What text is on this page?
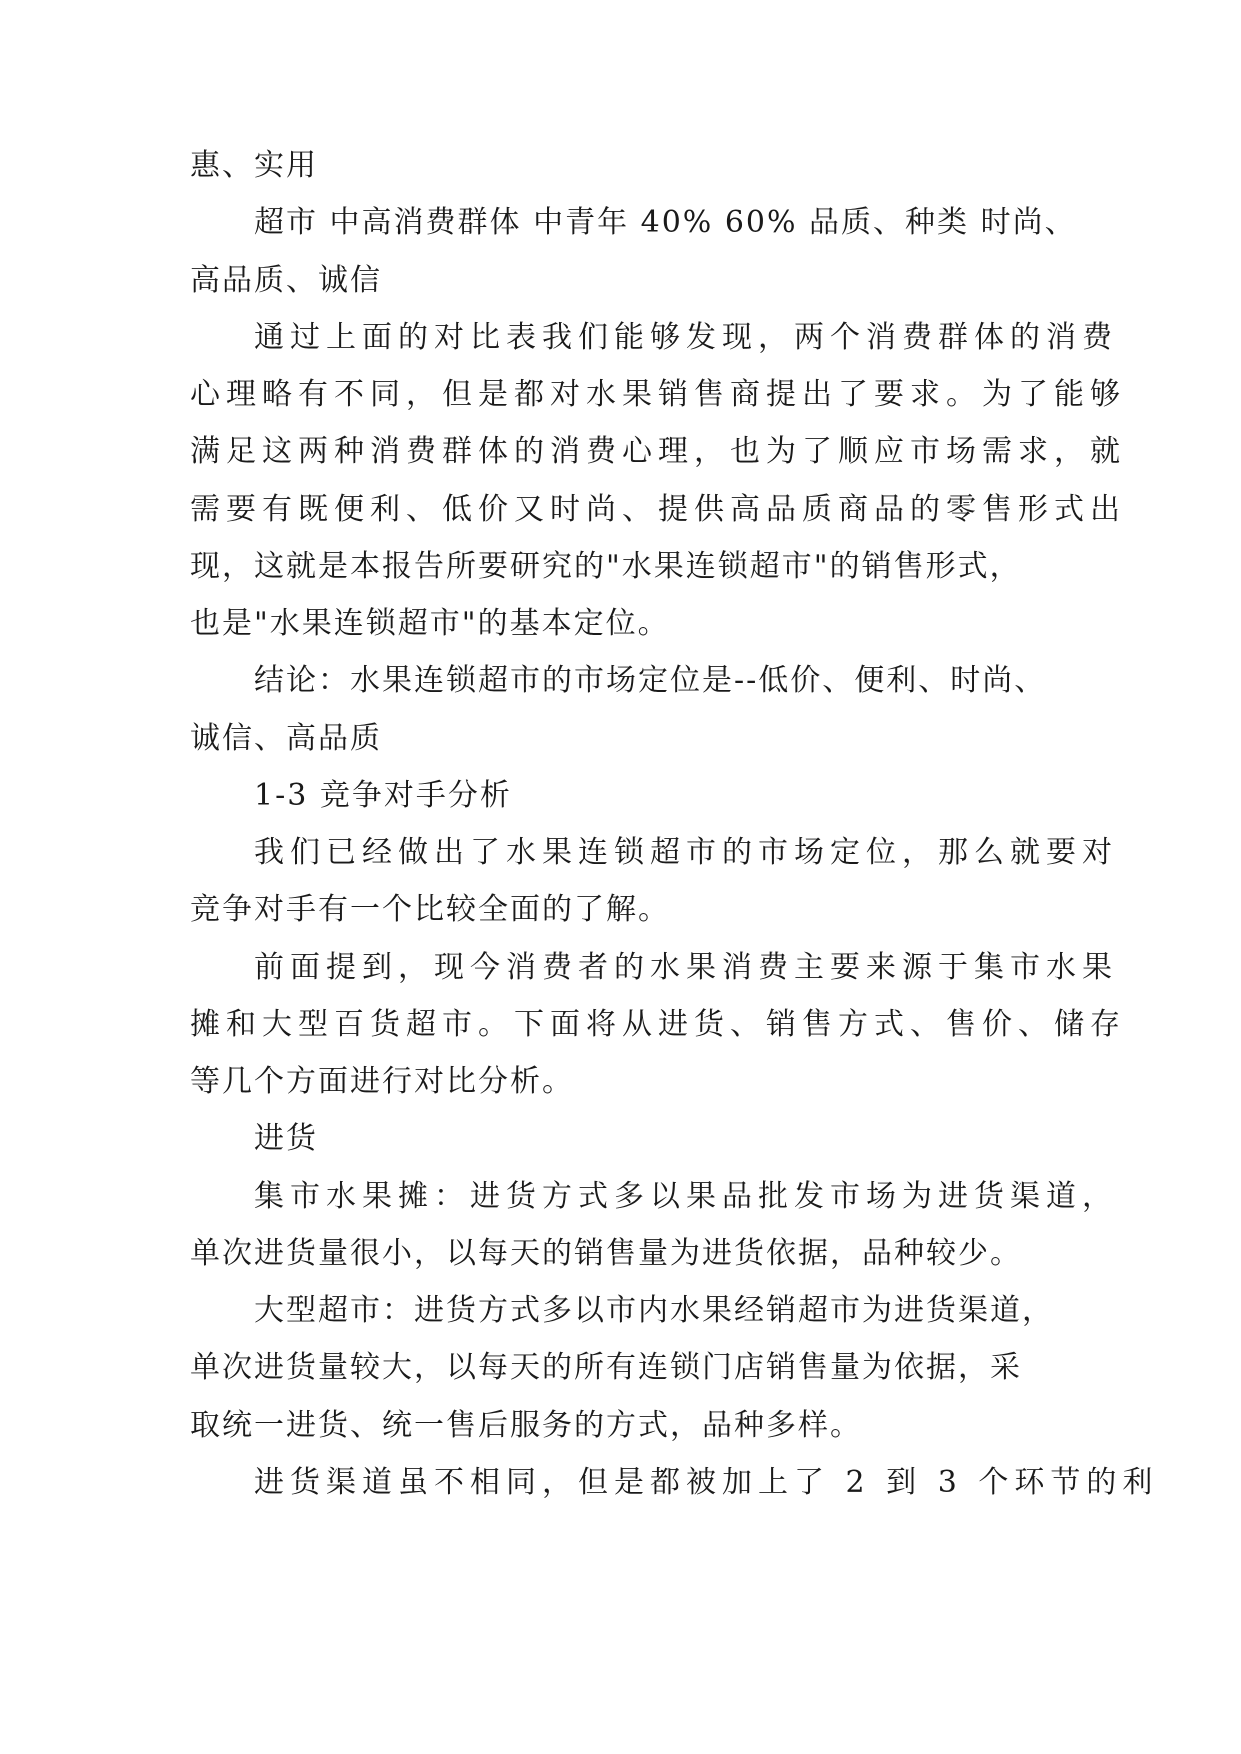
惠、实用

超市 中高消费群体 中青年 40% 60% 品质、种类 时尚、

高品质、诚信

通过上面的对比表我们能够发现，两个消费群体的消费

心理略有不同，但是都对水果销售商提出了要求。为了能够

满足这两种消费群体的消费心理，也为了顺应市场需求，就

需要有既便利、低价又时尚、提供高品质商品的零售形式出

现，这就是本报告所要研究的"水果连锁超市"的销售形式，

也是"水果连锁超市"的基本定位。

结论：水果连锁超市的市场定位是--低价、便利、时尚、

诚信、高品质

1-3 竞争对手分析

我们已经做出了水果连锁超市的市场定位，那么就要对

竞争对手有一个比较全面的了解。

前面提到，现今消费者的水果消费主要来源于集市水果

摊和大型百货超市。下面将从进货、销售方式、售价、储存

等几个方面进行对比分析。

进货

集市水果摊：进货方式多以果品批发市场为进货渠道，

单次进货量很小，以每天的销售量为进货依据，品种较少。

大型超市：进货方式多以市内水果经销超市为进货渠道，

单次进货量较大，以每天的所有连锁门店销售量为依据，采

取统一进货、统一售后服务的方式，品种多样。

进货渠道虽不相同，但是都被加上了 2 到 3 个环节的利
